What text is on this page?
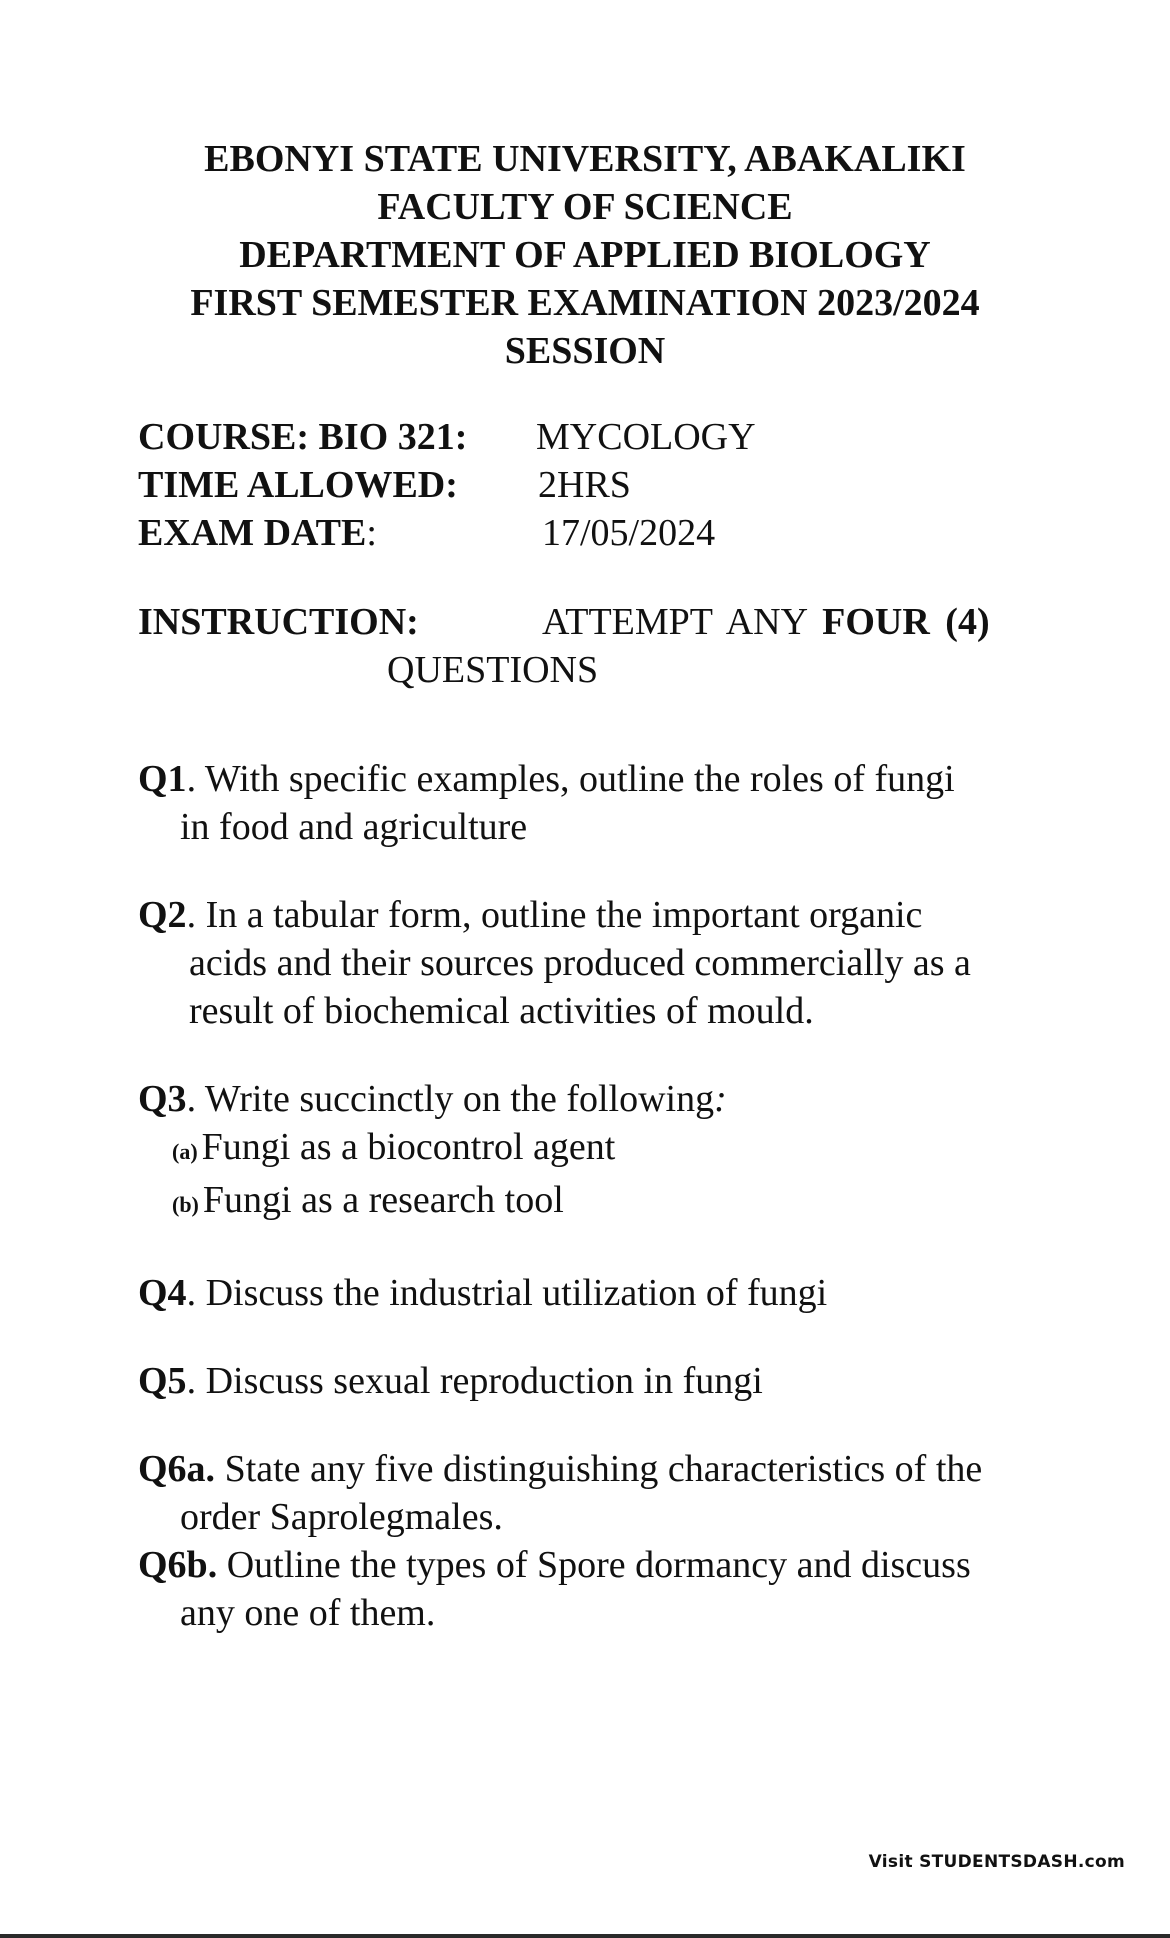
EBONYI STATE UNIVERSITY, ABAKALIKI
FACULTY OF SCIENCE
DEPARTMENT OF APPLIED BIOLOGY
FIRST SEMESTER EXAMINATION 2023/2024
SESSION
COURSE: BIO 321: MYCOLOGY
TIME ALLOWED: 2HRS
EXAM DATE:	17/05/2024
INSTRUCTION:	ATTEMPT ANY FOUR (4)
QUESTIONS
Q1. With specific examples, outline the roles of fungi
in food and agriculture
Q2. In a tabular form, outline the important organic
acids and their sources produced commercially as a
result of biochemical activities of mould.
Q3. Write succinctly on the following:
(a) Fungi as a biocontrol agent
(b) Fungi as a research tool
Q4. Discuss the industrial utilization of fungi
Q5. Discuss sexual reproduction in fungi
Q6a. State any five distinguishing characteristics of the
order Saprolegmales.
Q6b. Outline the types of Spore dormancy and discuss
any one of them.
Visit STUDENTSDASH.com
